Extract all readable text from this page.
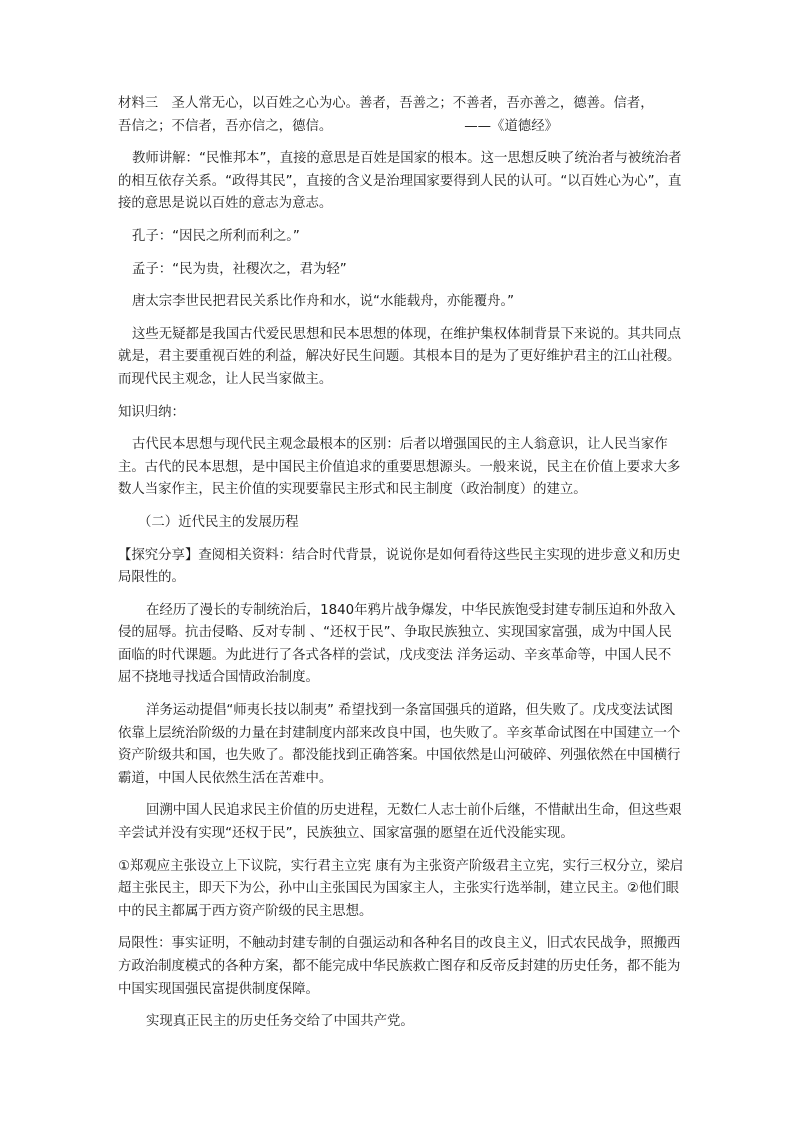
材料三　圣人常无心，以百姓之心为心。善者，吾善之；不善者，吾亦善之，德善。信者，
吾信之；不信者，吾亦信之，德信。	——《道德经》

教师讲解：“民惟邦本”，直接的意思是百姓是国家的根本。这一思想反映了统治者与被统治者的相互依存关系。“政得其民”，直接的含义是治理国家要得到人民的认可。“以百姓心为心”，直接的意思是说以百姓的意志为意志。

孔子：“因民之所利而利之。”

孟子：“民为贵，社稷次之，君为轻”

唐太宗李世民把君民关系比作舟和水，说“水能载舟，亦能覆舟。”

这些无疑都是我国古代爱民思想和民本思想的体现，在维护集权体制背景下来说的。其共同点就是，君主要重视百姓的利益，解决好民生问题。其根本目的是为了更好维护君主的江山社稷。而现代民主观念，让人民当家做主。

知识归纳：

古代民本思想与现代民主观念最根本的区别：后者以增强国民的主人翁意识，让人民当家作主。古代的民本思想，是中国民主价值追求的重要思想源头。一般来说，民主在价值上要求大多数人当家作主，民主价值的实现要靠民主形式和民主制度（政治制度）的建立。

（二）近代民主的发展历程

【探究分享】查阅相关资料：结合时代背景，说说你是如何看待这些民主实现的进步意义和历史局限性的。

在经历了漫长的专制统治后，1840年鸦片战争爆发，中华民族饱受封建专制压迫和外敌入侵的屈辱。抗击侵略、反对专制 、“还权于民”、争取民族独立、实现国家富强，成为中国人民面临的时代课题。为此进行了各式各样的尝试，戊戌变法 洋务运动、辛亥革命等，中国人民不屈不挠地寻找适合国情政治制度。

洋务运动提倡“师夷长技以制夷” 希望找到一条富国强兵的道路，但失败了。戊戌变法试图依靠上层统治阶级的力量在封建制度内部来改良中国，也失败了。辛亥革命试图在中国建立一个资产阶级共和国，也失败了。都没能找到正确答案。中国依然是山河破碎、列强依然在中国横行霸道，中国人民依然生活在苦难中。

回溯中国人民追求民主价值的历史进程，无数仁人志士前仆后继，不惜献出生命，但这些艰辛尝试并没有实现“还权于民”，民族独立、国家富强的愿望在近代没能实现。

①郑观应主张设立上下议院，实行君主立宪 康有为主张资产阶级君主立宪，实行三权分立，梁启超主张民主，即天下为公，孙中山主张国民为国家主人，主张实行选举制，建立民主。②他们眼中的民主都属于西方资产阶级的民主思想。

局限性：事实证明，不触动封建专制的自强运动和各种名目的改良主义，旧式农民战争，照搬西方政治制度模式的各种方案，都不能完成中华民族救亡图存和反帝反封建的历史任务，都不能为中国实现国强民富提供制度保障。

实现真正民主的历史任务交给了中国共产党。
